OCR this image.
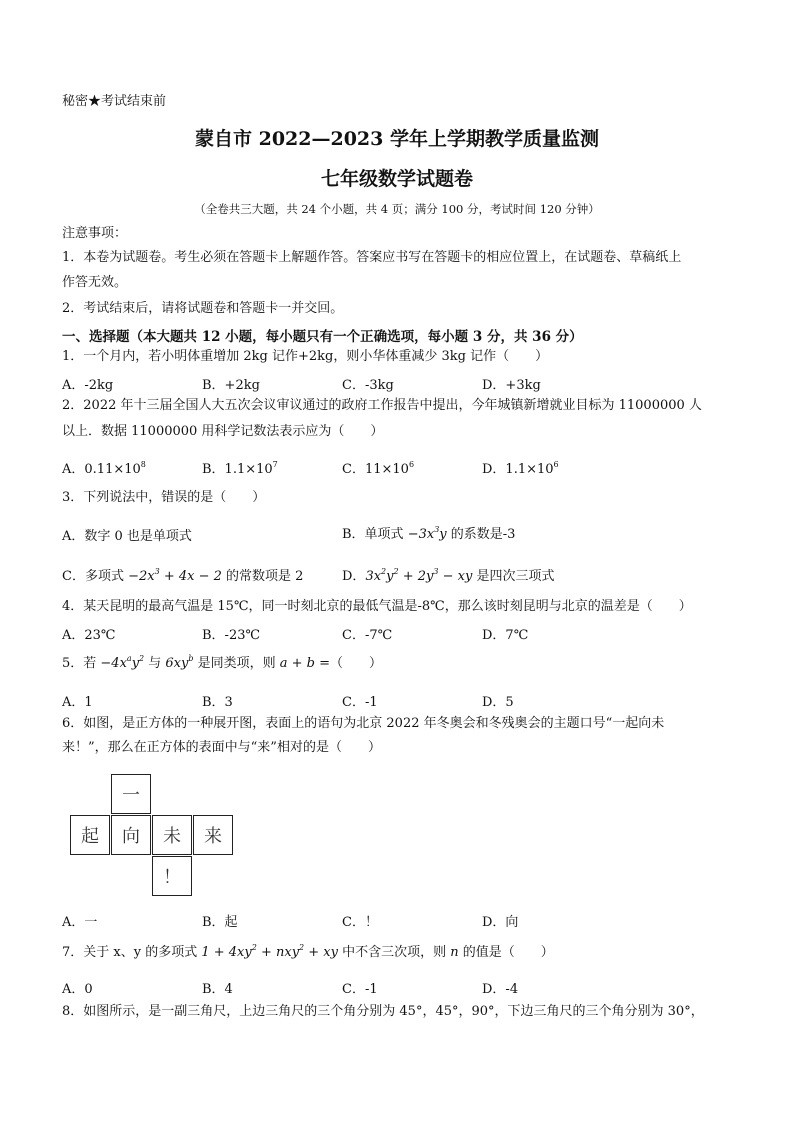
秘密★考试结束前
蒙自市 2022—2023 学年上学期教学质量监测
七年级数学试题卷
（全卷共三大题，共 24 个小题，共 4 页；满分 100 分，考试时间 120 分钟）
注意事项：
1．本卷为试题卷。考生必须在答题卡上解题作答。答案应书写在答题卡的相应位置上，在试题卷、草稿纸上
作答无效。
2．考试结束后，请将试题卷和答题卡一并交回。
一、选择题（本大题共 12 小题，每小题只有一个正确选项，每小题 3 分，共 36 分）
1．一个月内，若小明体重增加 2kg 记作+2kg，则小华体重减少 3kg 记作（　　）
A．-2kg	B．+2kg	C．-3kg	D．+3kg
2．2022 年十三届全国人大五次会议审议通过的政府工作报告中提出，今年城镇新增就业目标为 11000000 人
以上．数据 11000000 用科学记数法表示应为（　　）
A．$0.11\times 10^8$	B．$1.1\times 10^7$	C．$11\times 10^6$	D．$1.1\times 10^6$
3．下列说法中，错误的是（　　）
A．数字 0 也是单项式	B．单项式 $-3x^3y$ 的系数是-3
C．多项式 $-2x^3 + 4x - 2$ 的常数项是 2	D．$3x^2y^2 + 2y^3$ − xy 是四次三项式
4．某天昆明的最高气温是 15℃，同一时刻北京的最低气温是-8℃，那么该时刻昆明与北京的温差是（　　）
A．23℃	B．-23℃	C．-7℃	D．7℃
5．若 $-4x^ay^2$ 与 $6xy^b$ 是同类项，则 a + b =（　　）
A．1	B．3	C．-1	D．5
6．如图，是正方体的一种展开图，表面上的语句为北京 2022 年冬奥会和冬残奥会的主题口号“一起向未
来！”，那么在正方体的表面中与“来”相对的是（　　）
一
起	向	未	来
！
A．一	B．起	C．！	D．向
7．关于 x、y 的多项式 $1 + 4xy^2 + nxy^2$ + xy 中不含三次项，则 n 的值是（　　）
A．0	B．4	C．-1	D．-4
8．如图所示，是一副三角尺，上边三角尺的三个角分别为 45°，45°，90°，下边三角尺的三个角分别为 30°，
